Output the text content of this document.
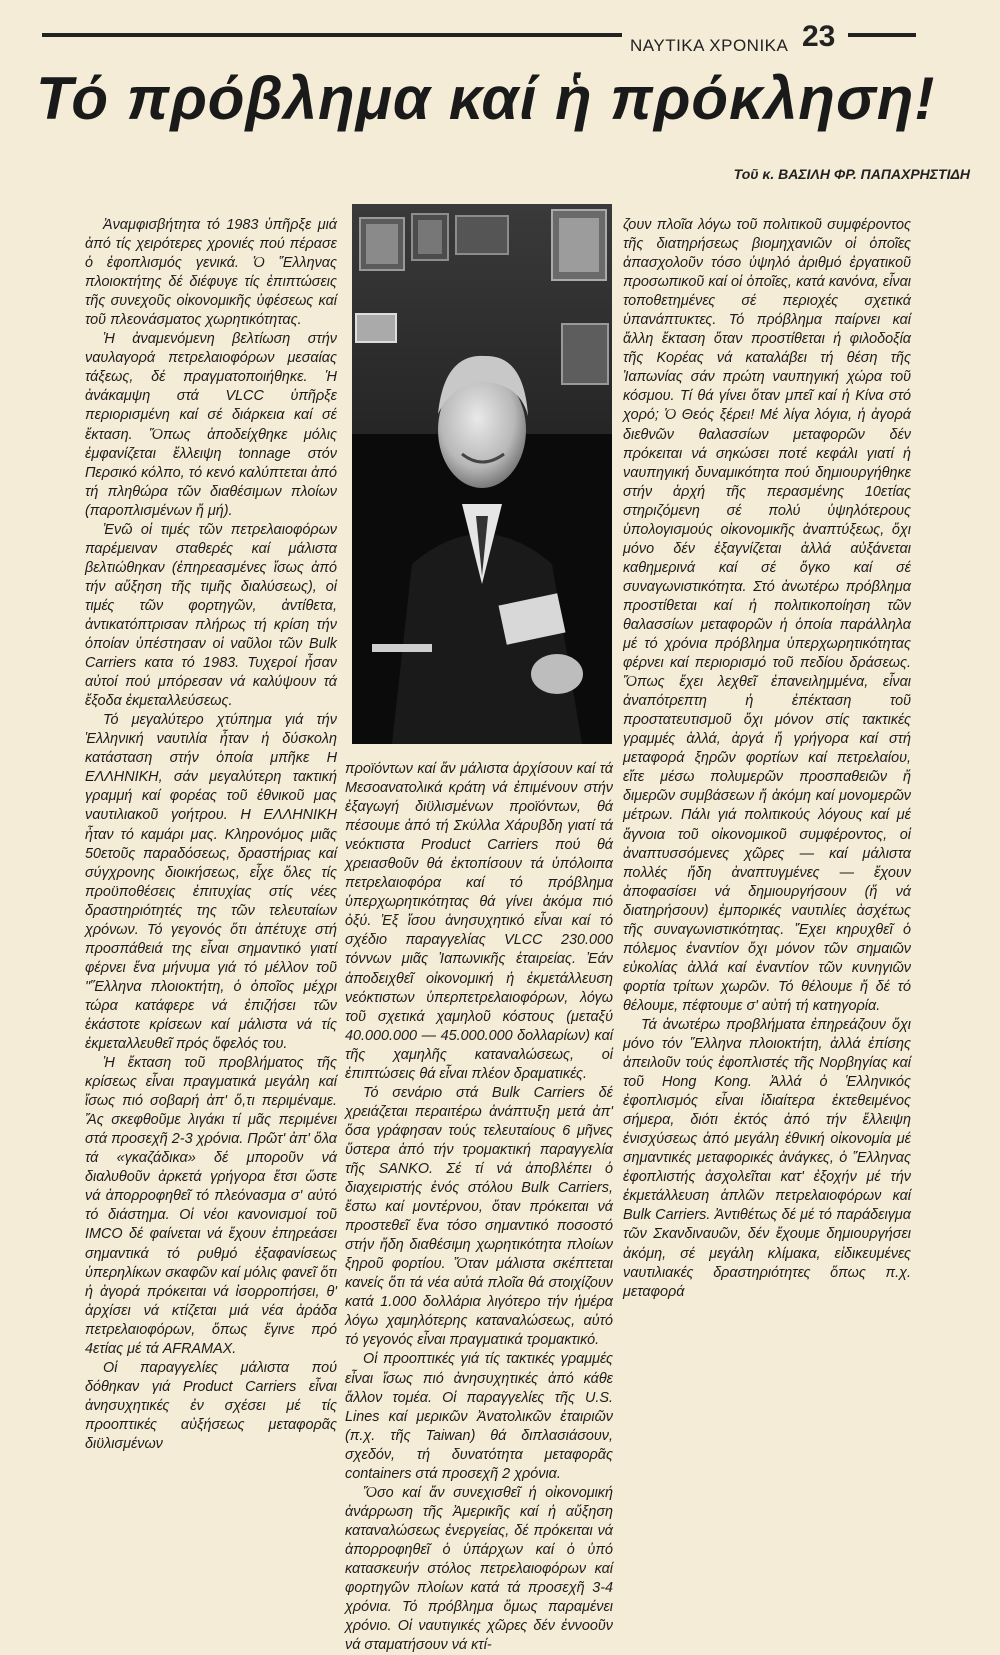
ΝΑΥΤΙΚΑ ΧΡΟΝΙΚΑ 23
Τό πρόβλημα καί ἡ πρόκληση!
Τοῦ κ. ΒΑΣΙΛΗ ΦΡ. ΠΑΠΑΧΡΗΣΤΙΔΗ

Ἀναμφισβήτητα τό 1983 ὑπῆρξε μιά ἀπό τίς χειρότερες χρονιές πού πέρασε ὁ ἐφοπλισμός γενικά. Ὁ Ἕλληνας πλοιοκτήτης δέ διέφυγε τίς ἐπιπτώσεις τῆς συνεχοῦς οἰκονομικῆς ὑφέσεως καί τοῦ πλεονάσματος χωρητικότητας.

Ἡ ἀναμενόμενη βελτίωση στήν ναυλαγορά πετρελαιοφόρων μεσαίας τάξεως, δέ πραγματοποιήθηκε. Ἡ ἀνάκαμψη στά VLCC ὑπῆρξε περιορισμένη καί σέ διάρκεια καί σέ ἔκταση. Ὅπως ἀποδείχθηκε μόλις ἐμφανίζεται ἔλλειψη tonnage στόν Περσικό κόλπο, τό κενό καλύπτεται ἀπό τή πληθώρα τῶν διαθέσιμων πλοίων (παροπλισμένων ἤ μή).

Ἐνῶ οἱ τιμές τῶν πετρελαιοφόρων παρέμειναν σταθερές καί μάλιστα βελτιώθηκαν (ἐπηρεασμένες ἴσως ἀπό τήν αὔξηση τῆς τιμῆς διαλύσεως), οἱ τιμές τῶν φορτηγῶν, ἀντίθετα, ἀντικατόπτρισαν πλήρως τή κρίση τήν ὁποίαν ὑπέστησαν οἱ ναῦλοι τῶν Bulk Carriers κατα τό 1983. Τυχεροί ἦσαν αὐτοί πού μπόρεσαν νά καλύψουν τά ἔξοδα ἐκμεταλλεύσεως.

Τό μεγαλύτερο χτύπημα γιά τήν Ἑλληνική ναυτιλία ἦταν ἡ δύσκολη κατάσταση στήν ὁποία μπῆκε Η ΕΛΛΗΝΙΚΗ, σάν μεγαλύτερη τακτική γραμμή καί φορέας τοῦ ἐθνικοῦ μας ναυτιλιακοῦ γοήτρου. Η ΕΛΛΗΝΙΚΗ ἦταν τό καμάρι μας. Κληρονόμος μιᾶς 50ετοῦς παραδόσεως, δραστήριας καί σύγχρονης διοικήσεως, εἶχε ὅλες τίς προϋποθέσεις ἐπιτυχίας στίς νέες δραστηριότητές της τῶν τελευταίων χρόνων. Τό γεγονός ὅτι ἀπέτυχε στή προσπάθειά της εἶναι σημαντικό γιατί φέρνει ἕνα μήνυμα γιά τό μέλλον τοῦ "Ἕλληνα πλοιοκτήτη, ὁ ὁποῖος μέχρι τώρα κατάφερε νά ἐπιζήσει τῶν ἑκάστοτε κρίσεων καί μάλιστα νά τίς ἐκμεταλλευθεῖ πρός ὄφελός του.

Ἡ ἔκταση τοῦ προβλήματος τῆς κρίσεως εἶναι πραγματικά μεγάλη καί ἴσως πιό σοβαρή ἀπ' ὅ,τι περιμέναμε. Ἄς σκεφθοῦμε λιγάκι τί μᾶς περιμένει στά προσεχῆ 2-3 χρόνια. Πρῶτ' ἀπ' ὅλα τά «γκαζάδικα» δέ μποροῦν νά διαλυθοῦν ἀρκετά γρήγορα ἔτσι ὥστε νά ἀπορροφηθεῖ τό πλεόνασμα σ' αὐτό τό διάστημα. Οἱ νέοι κανονισμοί τοῦ IMCO δέ φαίνεται νά ἔχουν ἐπηρεάσει σημαντικά τό ρυθμό ἐξαφανίσεως ὑπερηλίκων σκαφῶν καί μόλις φανεῖ ὅτι ἡ ἀγορά πρόκειται νά ἰσορροπήσει, θ' ἀρχίσει νά κτίζεται μιά νέα ἀράδα πετρελαιοφόρων, ὅπως ἔγινε πρό 4ετίας μέ τά AFRAMAX.

Οἱ παραγγελίες μάλιστα πού δόθηκαν γιά Product Carriers εἶναι ἀνησυχητικές ἐν σχέσει μέ τίς προοπτικές αὐξήσεως μεταφορᾶς διϋλισμένων

προϊόντων καί ἄν μάλιστα ἀρχίσουν καί τά Μεσοανατολικά κράτη νά ἐπιμένουν στήν ἐξαγωγή διϋλισμένων προϊόντων, θά πέσουμε ἀπό τή Σκύλλα Χάρυβδη γιατί τά νεόκτιστα Product Carriers πού θά χρειασθοῦν θά ἐκτοπίσουν τά ὑπόλοιπα πετρελαιοφόρα καί τό πρόβλημα ὑπερχωρητικότητας θά γίνει ἀκόμα πιό ὀξύ. Ἐξ ἴσου ἀνησυχητικό εἶναι καί τό σχέδιο παραγγελίας VLCC 230.000 τόννων μιᾶς Ἰαπωνικῆς ἑταιρείας. Ἐάν ἀποδειχθεῖ οἰκονομική ἡ ἐκμετάλλευση νεόκτιστων ὑπερπετρελαιοφόρων, λόγω τοῦ σχετικά χαμηλοῦ κόστους (μεταξύ 40.000.000 — 45.000.000 δολλαρίων) καί τῆς χαμηλῆς καταναλώσεως, οἱ ἐπιπτώσεις θά εἶναι πλέον δραματικές.

Τό σενάριο στά Bulk Carriers δέ χρειάζεται περαιτέρω ἀνάπτυξη μετά ἀπ' ὅσα γράφησαν τούς τελευταίους 6 μῆνες ὕστερα ἀπό τήν τρομακτική παραγγελία τῆς SANKO. Σέ τί νά ἀποβλέπει ὁ διαχειριστής ἑνός στόλου Bulk Carriers, ἔστω καί μοντέρνου, ὅταν πρόκειται νά προστεθεῖ ἕνα τόσο σημαντικό ποσοστό στήν ἤδη διαθέσιμη χωρητικότητα πλοίων ξηροῦ φορτίου. Ὅταν μάλιστα σκέπτεται κανείς ὅτι τά νέα αὐτά πλοῖα θά στοιχίζουν κατά 1.000 δολλάρια λιγότερο τήν ἡμέρα λόγω χαμηλότερης καταναλώσεως, αὐτό τό γεγονός εἶναι πραγματικά τρομακτικό.

Οἱ προοπτικές γιά τίς τακτικές γραμμές εἶναι ἴσως πιό ἀνησυχητικές ἀπό κάθε ἄλλον τομέα. Οἱ παραγγελίες τῆς U.S. Lines καί μερικῶν Ἀνατολικῶν ἑταιριῶν (π.χ. τῆς Taiwan) θά διπλασιάσουν, σχεδόν, τή δυνατότητα μεταφορᾶς containers στά προσεχῆ 2 χρόνια.

Ὅσο καί ἄν συνεχισθεῖ ἡ οἰκονομική ἀνάρρωση τῆς Ἀμερικῆς καί ἡ αὔξηση καταναλώσεως ἐνεργείας, δέ πρόκειται νά ἀπορροφηθεῖ ὁ ὑπάρχων καί ὁ ὑπό κατασκευήν στόλος πετρελαιοφόρων καί φορτηγῶν πλοίων κατά τά προσεχῆ 3-4 χρόνια. Τό πρόβλημα ὅμως παραμένει χρόνιο. Οἱ ναυτιγικές χῶρες δέν ἐννοοῦν νά σταματήσουν νά κτί-

ζουν πλοῖα λόγω τοῦ πολιτικοῦ συμφέροντος τῆς διατηρήσεως βιομηχανιῶν οἱ ὁποῖες ἀπασχολοῦν τόσο ὑψηλό ἀριθμό ἐργατικοῦ προσωπικοῦ καί οἱ ὁποῖες, κατά κανόνα, εἶναι τοποθετημένες σέ περιοχές σχετικά ὑπανάπτυκτες. Τό πρόβλημα παίρνει καί ἄλλη ἔκταση ὅταν προστίθεται ἡ φιλοδοξία τῆς Κορέας νά καταλάβει τή θέση τῆς Ἰαπωνίας σάν πρώτη ναυπηγική χώρα τοῦ κόσμου. Τί θά γίνει ὅταν μπεῖ καί ἡ Κίνα στό χορό; Ὁ Θεός ξέρει! Μέ λίγα λόγια, ἡ ἀγορά διεθνῶν θαλασσίων μεταφορῶν δέν πρόκειται νά σηκώσει ποτέ κεφάλι γιατί ἡ ναυπηγική δυναμικότητα πού δημιουργήθηκε στήν ἀρχή τῆς περασμένης 10ετίας στηριζόμενη σέ πολύ ὑψηλότερους ὑπολογισμούς οἰκονομικῆς ἀναπτύξεως, ὄχι μόνο δέν ἐξαγνίζεται ἀλλά αὐξάνεται καθημερινά καί σέ ὄγκο καί σέ συναγωνιστικότητα. Στό ἀνωτέρω πρόβλημα προστίθεται καί ἡ πολιτικοποίηση τῶν θαλασσίων μεταφορῶν ἡ ὁποία παράλληλα μέ τό χρόνια πρόβλημα ὑπερχωρητικότητας φέρνει καί περιορισμό τοῦ πεδίου δράσεως. Ὅπως ἔχει λεχθεῖ ἐπανειλημμένα, εἶναι ἀναπότρεπτη ἡ ἐπέκταση τοῦ προστατευτισμοῦ ὄχι μόνον στίς τακτικές γραμμές ἀλλά, ἀργά ἤ γρήγορα καί στή μεταφορά ξηρῶν φορτίων καί πετρελαίου, εἴτε μέσω πολυμερῶν προσπαθειῶν ἤ διμερῶν συμβάσεων ἤ ἀκόμη καί μονομερῶν μέτρων. Πάλι γιά πολιτικούς λόγους καί μέ ἄγνοια τοῦ οἰκονομικοῦ συμφέροντος, οἱ ἀναπτυσσόμενες χῶρες — καί μάλιστα πολλές ἤδη ἀναπτυγμένες — ἔχουν ἀποφασίσει νά δημιουργήσουν (ἤ νά διατηρήσουν) ἐμπορικές ναυτιλίες ἀσχέτως τῆς συναγωνιστικότητας. Ἔχει κηρυχθεῖ ὁ πόλεμος ἐναντίον ὄχι μόνον τῶν σημαιῶν εὐκολίας ἀλλά καί ἐναντίον τῶν κυνηγιῶν φορτία τρίτων χωρῶν. Τό θέλουμε ἤ δέ τό θέλουμε, πέφτουμε σ' αὐτή τή κατηγορία.

Τά ἀνωτέρω προβλήματα ἐπηρεάζουν ὄχι μόνο τόν Ἕλληνα πλοιοκτήτη, ἀλλά ἐπίσης ἀπειλοῦν τούς ἐφοπλιστές τῆς Νορβηγίας καί τοῦ Hong Kong. Ἀλλά ὁ Ἑλληνικός ἐφοπλισμός εἶναι ἰδιαίτερα ἐκτεθειμένος σήμερα, διότι ἐκτός ἀπό τήν ἔλλειψη ἐνισχύσεως ἀπό μεγάλη ἐθνική οἰκονομία μέ σημαντικές μεταφορικές ἀνάγκες, ὁ Ἕλληνας ἐφοπλιστής ἀσχολεῖται κατ' ἐξοχήν μέ τήν ἐκμετάλλευση ἁπλῶν πετρελαιοφόρων καί Bulk Carriers. Ἀντιθέτως δέ μέ τό παράδειγμα τῶν Σκανδιναυῶν, δέν ἔχουμε δημιουργήσει ἀκόμη, σέ μεγάλη κλίμακα, εἰδικευμένες ναυτιλιακές δραστηριότητες ὅπως π.χ. μεταφορά
